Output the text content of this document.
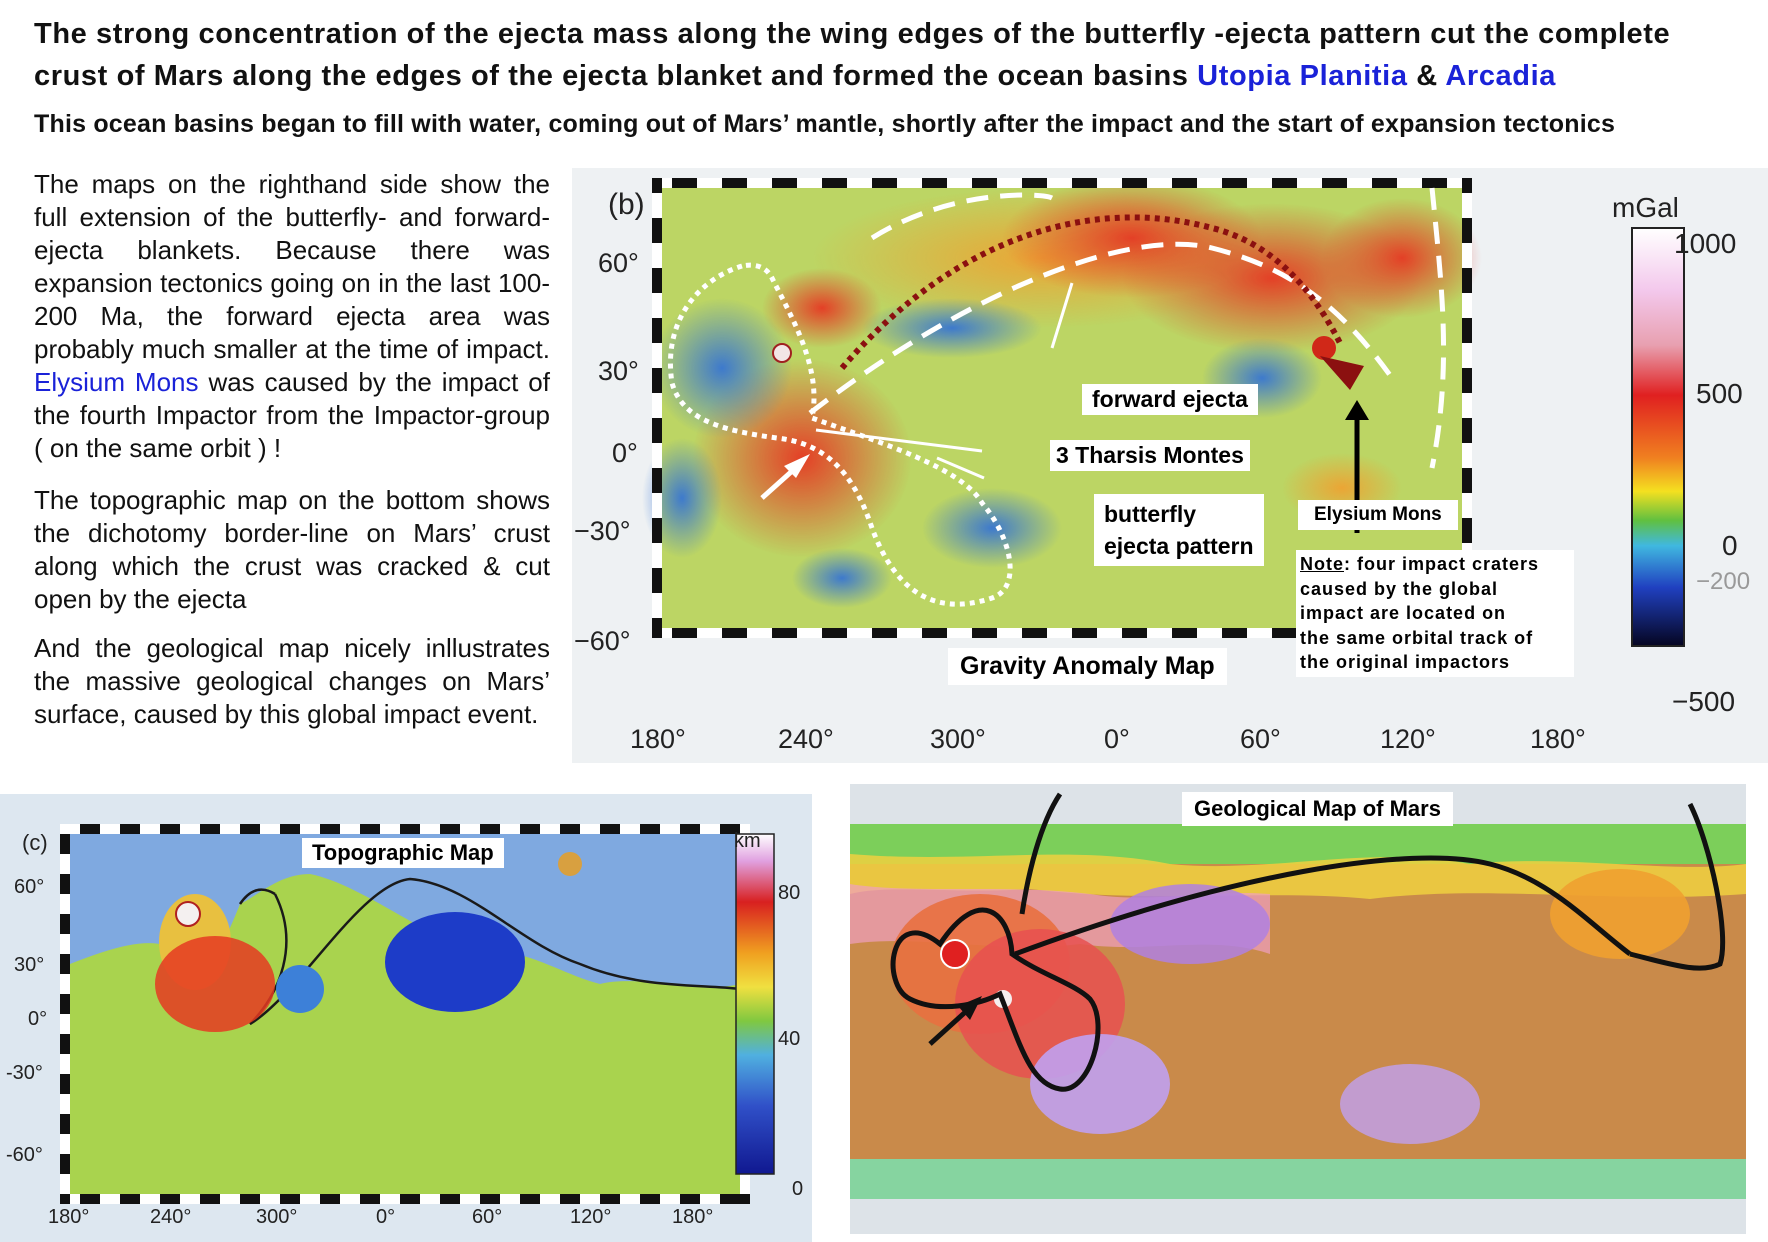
The strong concentration of the ejecta mass along the wing edges of the butterfly -ejecta pattern cut the complete
crust of Mars along the edges of the ejecta blanket and formed the ocean basins Utopia Planitia & Arcadia
This ocean basins began to fill with water, coming out of Mars’ mantle, shortly after the impact and the start of expansion tectonics
The maps on the righthand side show the full extension of the butterfly- and forward- ejecta blankets. Because there was expansion tectonics going on in the last 100-200 Ma, the forward ejecta area was probably much smaller at the time of impact. Elysium Mons was caused by the impact of the fourth Impactor from the Impactor-group ( on the same orbit ) !
The topographic map on the bottom shows the dichotomy border-line on Mars’ crust along which the crust was cracked & cut open by the ejecta
And the geological map nicely inllustrates the massive geological changes on Mars’ surface, caused by this global impact event.
(b)
60°
30°
0°
−30°
−60°
180°	240°	300°	0°	60°	120°	180°
mGal
1000
500
0
−200
−500
forward ejecta
3 Tharsis Montes
butterfly
ejecta pattern
Elysium Mons
Note: four impact craters
caused by the global
impact are located on
the same orbital track of
the original impactors
Gravity Anomaly Map
(c)
60°
30°
0°
-30°
-60°
180°	240°	300°	0°	60°	120°	180°
km
80
40
0
Topographic Map
Geological Map of Mars
